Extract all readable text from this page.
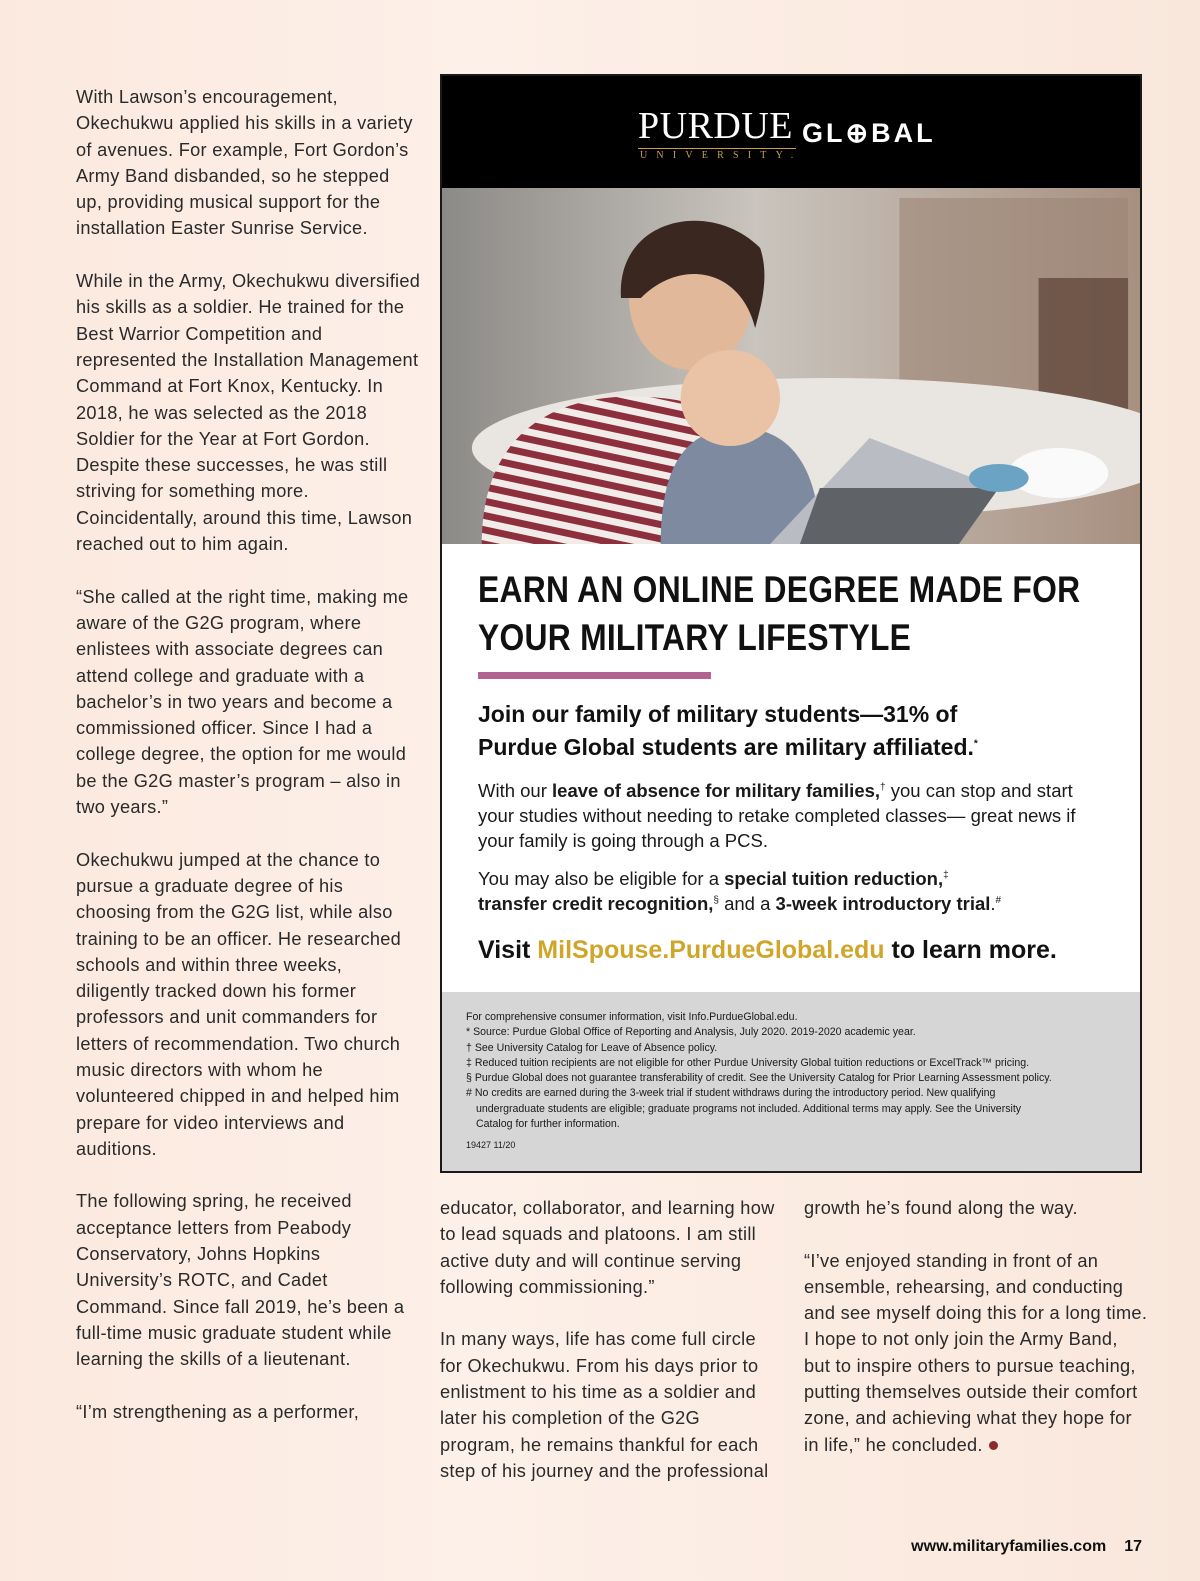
With Lawson’s encouragement, Okechukwu applied his skills in a variety of avenues. For example, Fort Gordon’s Army Band disbanded, so he stepped up, providing musical support for the installation Easter Sunrise Service.

While in the Army, Okechukwu diversified his skills as a soldier. He trained for the Best Warrior Competition and represented the Installation Management Command at Fort Knox, Kentucky. In 2018, he was selected as the 2018 Soldier for the Year at Fort Gordon. Despite these successes, he was still striving for something more. Coincidentally, around this time, Lawson reached out to him again.

“She called at the right time, making me aware of the G2G program, where enlistees with associate degrees can attend college and graduate with a bachelor’s in two years and become a commissioned officer. Since I had a college degree, the option for me would be the G2G master’s program – also in two years.”

Okechukwu jumped at the chance to pursue a graduate degree of his choosing from the G2G list, while also training to be an officer. He researched schools and within three weeks, diligently tracked down his former professors and unit commanders for letters of recommendation. Two church music directors with whom he volunteered chipped in and helped him prepare for video interviews and auditions.

The following spring, he received acceptance letters from Peabody Conservatory, Johns Hopkins University’s ROTC, and Cadet Command. Since fall 2019, he’s been a full-time music graduate student while learning the skills of a lieutenant.

“I’m strengthening as a performer,

educator, collaborator, and learning how to lead squads and platoons. I am still active duty and will continue serving following commissioning.”

In many ways, life has come full circle for Okechukwu. From his days prior to enlistment to his time as a soldier and later his completion of the G2G program, he remains thankful for each step of his journey and the professional

growth he’s found along the way.

“I’ve enjoyed standing in front of an ensemble, rehearsing, and conducting and see myself doing this for a long time. I hope to not only join the Army Band, but to inspire others to pursue teaching, putting themselves outside their comfort zone, and achieving what they hope for in life,” he concluded.

PURDUE
UNIVERSITY.
GL⊕BAL
EARN AN ONLINE DEGREE MADE FOR
YOUR MILITARY LIFESTYLE
Join our family of military students—31% of
Purdue Global students are military affiliated.*
With our leave of absence for military families,† you can stop and start your studies without needing to retake completed classes— great news if your family is going through a PCS.
You may also be eligible for a special tuition reduction,‡
transfer credit recognition,§ and a 3-week introductory trial.#
Visit MilSpouse.PurdueGlobal.edu to learn more.
For comprehensive consumer information, visit Info.PurdueGlobal.edu.
* Source: Purdue Global Office of Reporting and Analysis, July 2020. 2019-2020 academic year.
† See University Catalog for Leave of Absence policy.
‡ Reduced tuition recipients are not eligible for other Purdue University Global tuition reductions or ExcelTrack™ pricing.
§ Purdue Global does not guarantee transferability of credit. See the University Catalog for Prior Learning Assessment policy.
# No credits are earned during the 3-week trial if student withdraws during the introductory period. New qualifying
undergraduate students are eligible; graduate programs not included. Additional terms may apply. See the University
Catalog for further information.
19427 11/20
www.militaryfamilies.com 17
